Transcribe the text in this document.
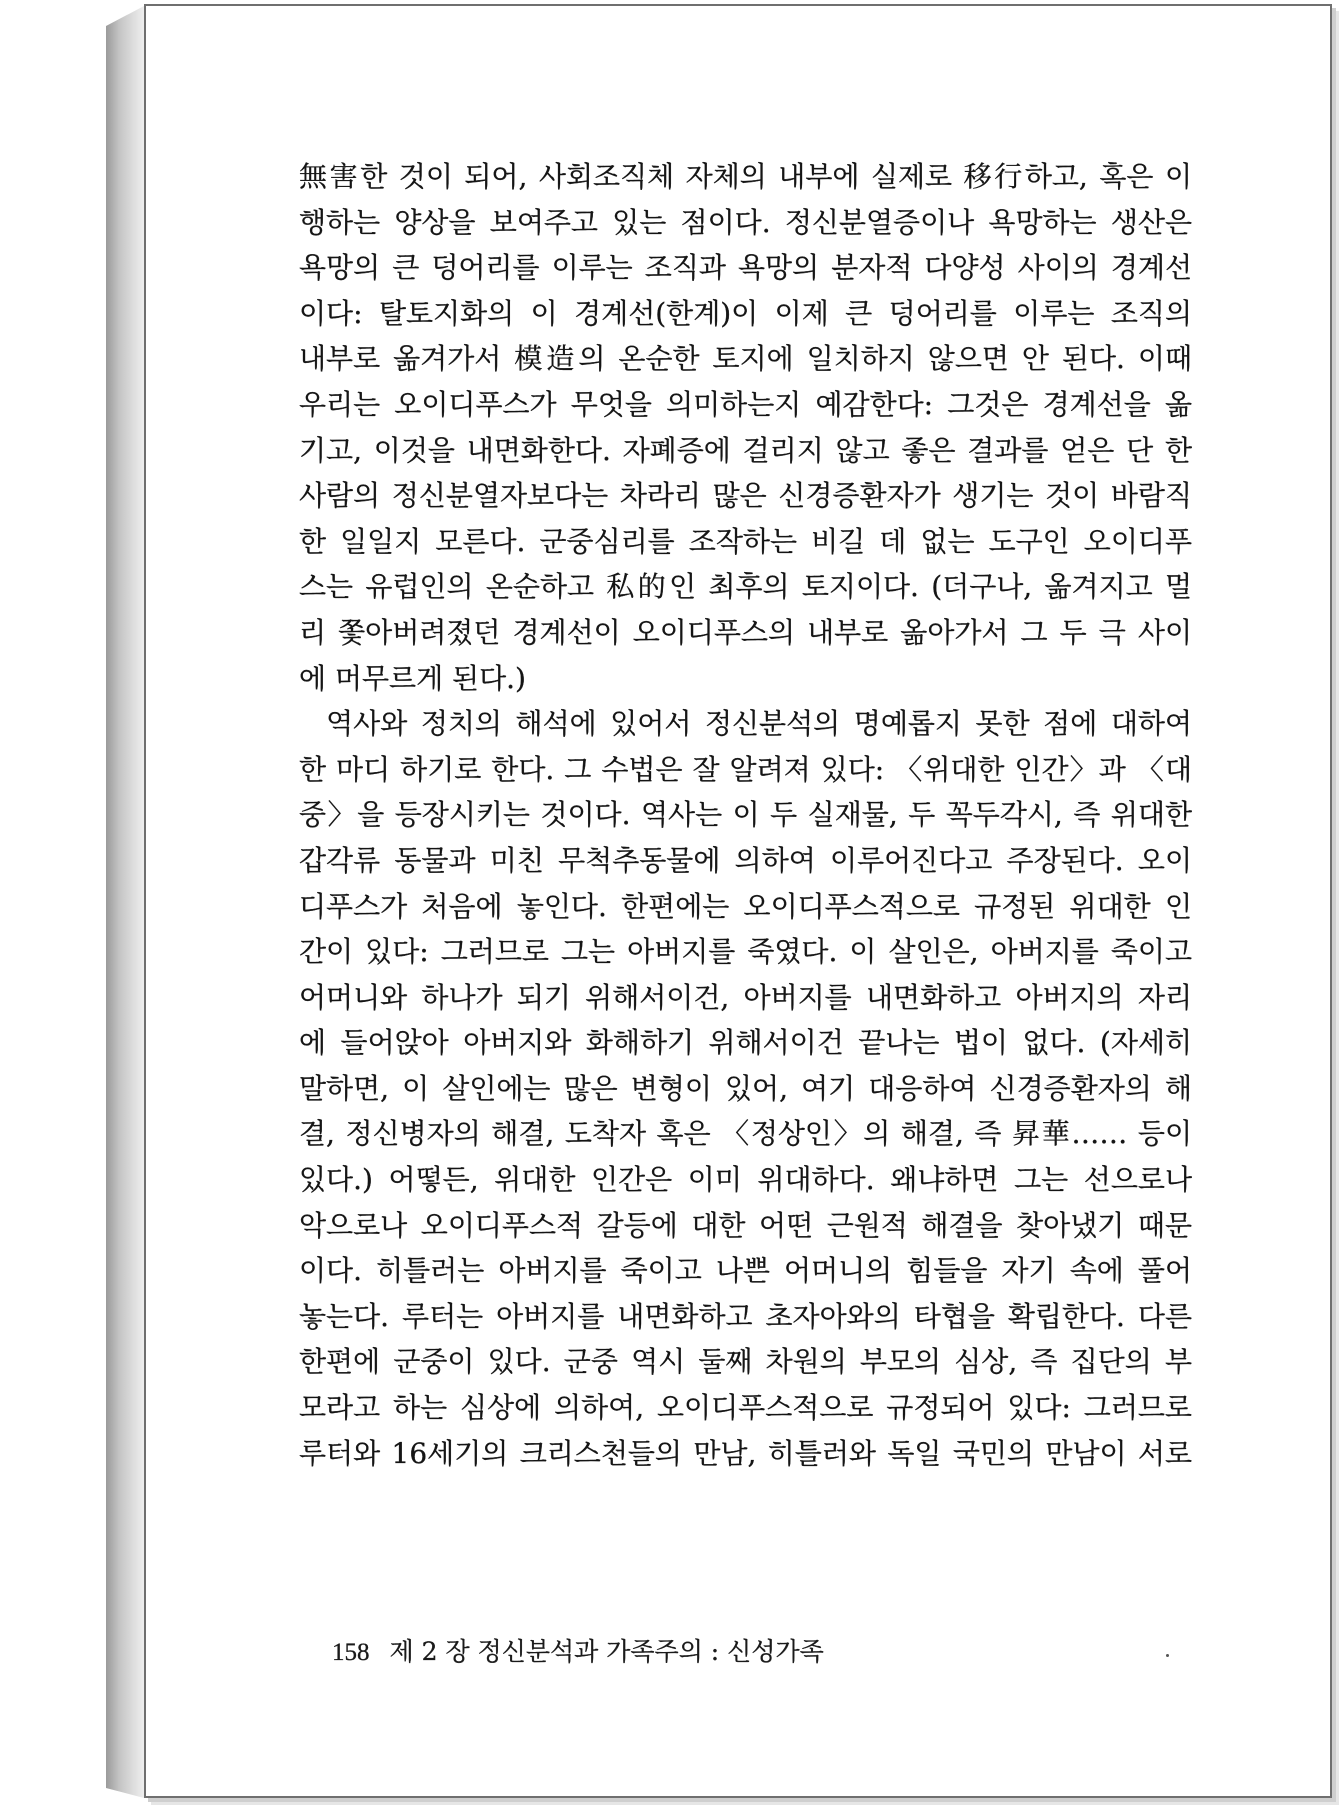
無害한 것이 되어, 사회조직체 자체의 내부에 실제로 移行하고, 혹은 이
행하는 양상을 보여주고 있는 점이다. 정신분열증이나 욕망하는 생산은
욕망의 큰 덩어리를 이루는 조직과 욕망의 분자적 다양성 사이의 경계선
이다: 탈토지화의 이 경계선(한계)이 이제 큰 덩어리를 이루는 조직의
내부로 옮겨가서 模造의 온순한 토지에 일치하지 않으면 안 된다. 이때
우리는 오이디푸스가 무엇을 의미하는지 예감한다: 그것은 경계선을 옮
기고, 이것을 내면화한다. 자폐증에 걸리지 않고 좋은 결과를 얻은 단 한
사람의 정신분열자보다는 차라리 많은 신경증환자가 생기는 것이 바람직
한 일일지 모른다. 군중심리를 조작하는 비길 데 없는 도구인 오이디푸
스는 유럽인의 온순하고 私的인 최후의 토지이다. (더구나, 옮겨지고 멀
리 쫓아버려졌던 경계선이 오이디푸스의 내부로 옮아가서 그 두 극 사이
에 머무르게 된다.)
역사와 정치의 해석에 있어서 정신분석의 명예롭지 못한 점에 대하여
한 마디 하기로 한다. 그 수법은 잘 알려져 있다: 〈위대한 인간〉과 〈대
중〉을 등장시키는 것이다. 역사는 이 두 실재물, 두 꼭두각시, 즉 위대한
갑각류 동물과 미친 무척추동물에 의하여 이루어진다고 주장된다. 오이
디푸스가 처음에 놓인다. 한편에는 오이디푸스적으로 규정된 위대한 인
간이 있다: 그러므로 그는 아버지를 죽였다. 이 살인은, 아버지를 죽이고
어머니와 하나가 되기 위해서이건, 아버지를 내면화하고 아버지의 자리
에 들어앉아 아버지와 화해하기 위해서이건 끝나는 법이 없다. (자세히
말하면, 이 살인에는 많은 변형이 있어, 여기 대응하여 신경증환자의 해
결, 정신병자의 해결, 도착자 혹은 〈정상인〉의 해결, 즉 昇華…… 등이
있다.) 어떻든, 위대한 인간은 이미 위대하다. 왜냐하면 그는 선으로나
악으로나 오이디푸스적 갈등에 대한 어떤 근원적 해결을 찾아냈기 때문
이다. 히틀러는 아버지를 죽이고 나쁜 어머니의 힘들을 자기 속에 풀어
놓는다. 루터는 아버지를 내면화하고 초자아와의 타협을 확립한다. 다른
한편에 군중이 있다. 군중 역시 둘째 차원의 부모의 심상, 즉 집단의 부
모라고 하는 심상에 의하여, 오이디푸스적으로 규정되어 있다: 그러므로
루터와 16세기의 크리스천들의 만남, 히틀러와 독일 국민의 만남이 서로
158 제 2 장 정신분석과 가족주의 : 신성가족
